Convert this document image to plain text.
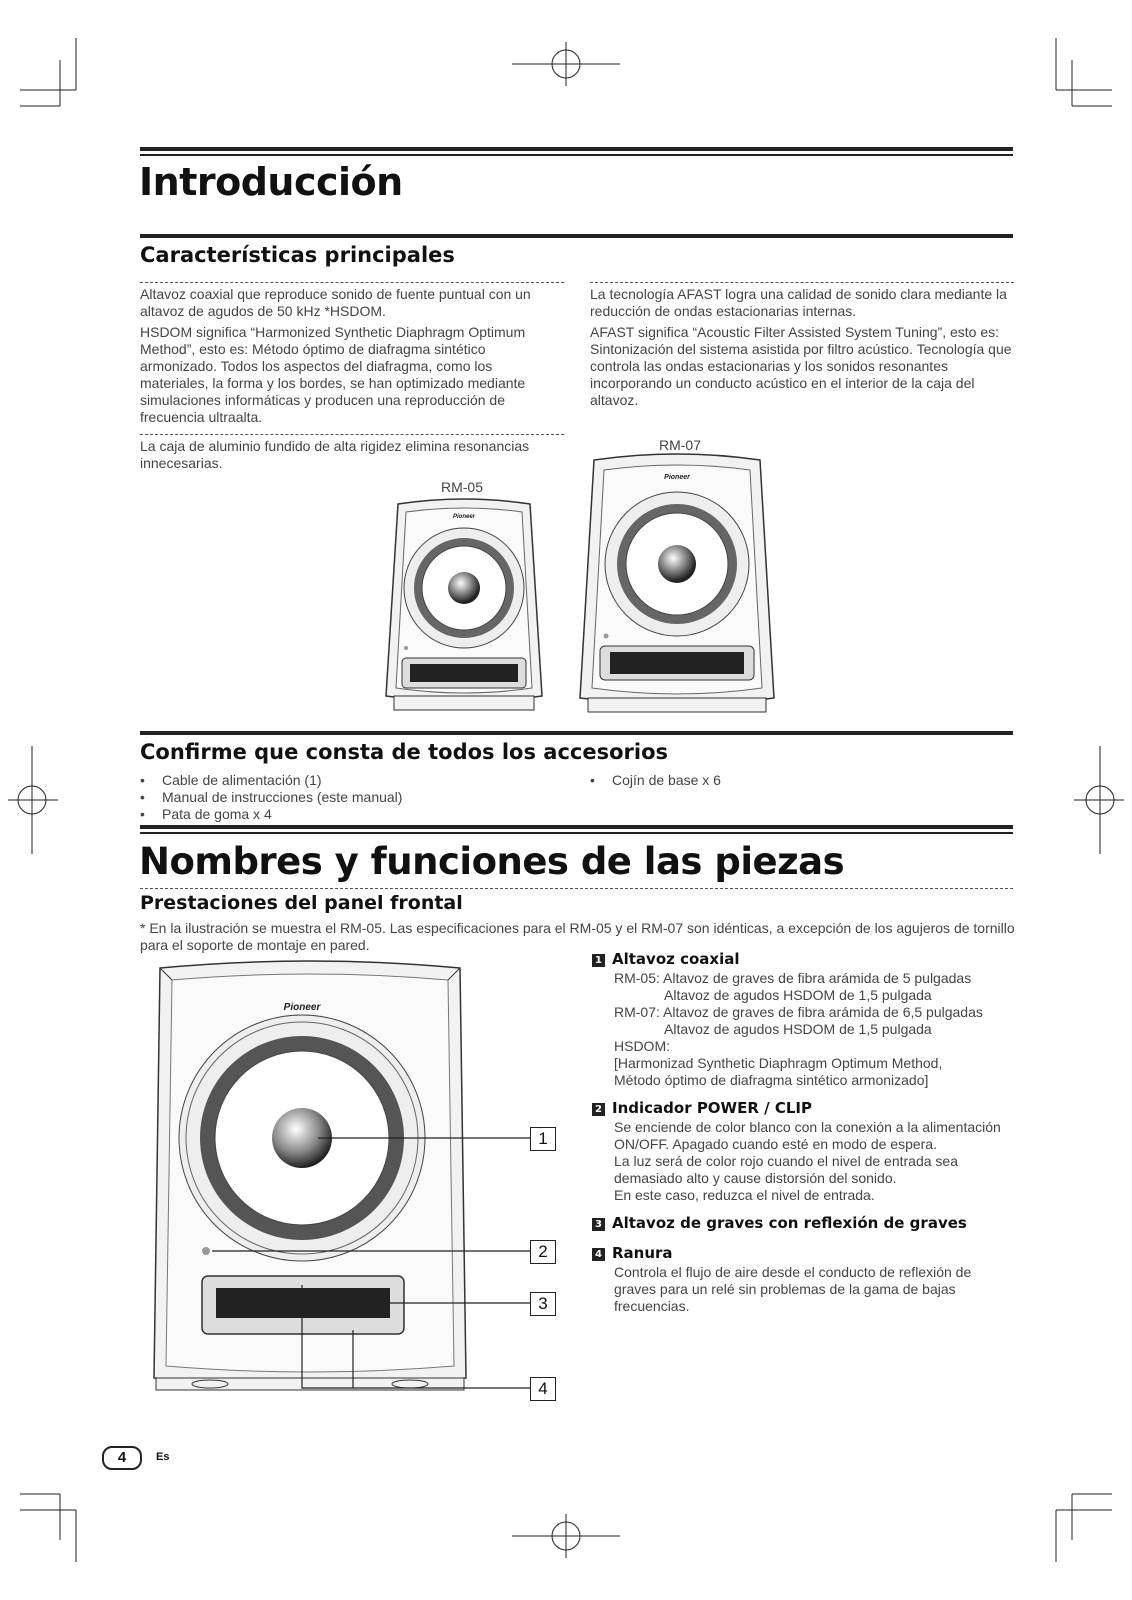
Introducción
Características principales

Altavoz coaxial que reproduce sonido de fuente puntual con un altavoz de agudos de 50 kHz *HSDOM.

HSDOM significa “Harmonized Synthetic Diaphragm Optimum Method”, esto es: Método óptimo de diafragma sintético armonizado. Todos los aspectos del diafragma, como los materiales, la forma y los bordes, se han optimizado mediante simulaciones informáticas y producen una reproducción de frecuencia ultraalta.

La caja de aluminio fundido de alta rigidez elimina resonancias innecesarias.

La tecnología AFAST logra una calidad de sonido clara mediante la reducción de ondas estacionarias internas.

AFAST significa “Acoustic Filter Assisted System Tuning”, esto es: Sintonización del sistema asistida por filtro acústico. Tecnología que controla las ondas estacionarias y los sonidos resonantes incorporando un conducto acústico en el interior de la caja del altavoz.

RM-05
RM-07
Pioneer
Pioneer
Confirme que consta de todos los accesorios
• Cable de alimentación (1)
• Manual de instrucciones (este manual)
• Pata de goma x 4
• Cojín de base x 6
Nombres y funciones de las piezas
Prestaciones del panel frontal
* En la ilustración se muestra el RM-05. Las especificaciones para el RM-05 y el RM-07 son idénticas, a excepción de los agujeros de tornillo para el soporte de montaje en pared.
Pioneer
1
2
3
4
1 Altavoz coaxial
RM-05: Altavoz de graves de fibra arámida de 5 pulgadas
Altavoz de agudos HSDOM de 1,5 pulgada
RM-07: Altavoz de graves de fibra arámida de 6,5 pulgadas
Altavoz de agudos HSDOM de 1,5 pulgada
HSDOM:
[Harmonizad Synthetic Diaphragm Optimum Method,
Método óptimo de diafragma sintético armonizado]
2 Indicador POWER / CLIP
Se enciende de color blanco con la conexión a la alimentación ON/OFF. Apagado cuando esté en modo de espera.
La luz será de color rojo cuando el nivel de entrada sea demasiado alto y cause distorsión del sonido.
En este caso, reduzca el nivel de entrada.
3 Altavoz de graves con reflexión de graves
4 Ranura
Controla el flujo de aire desde el conducto de reflexión de graves para un relé sin problemas de la gama de bajas frecuencias.
4	Es
